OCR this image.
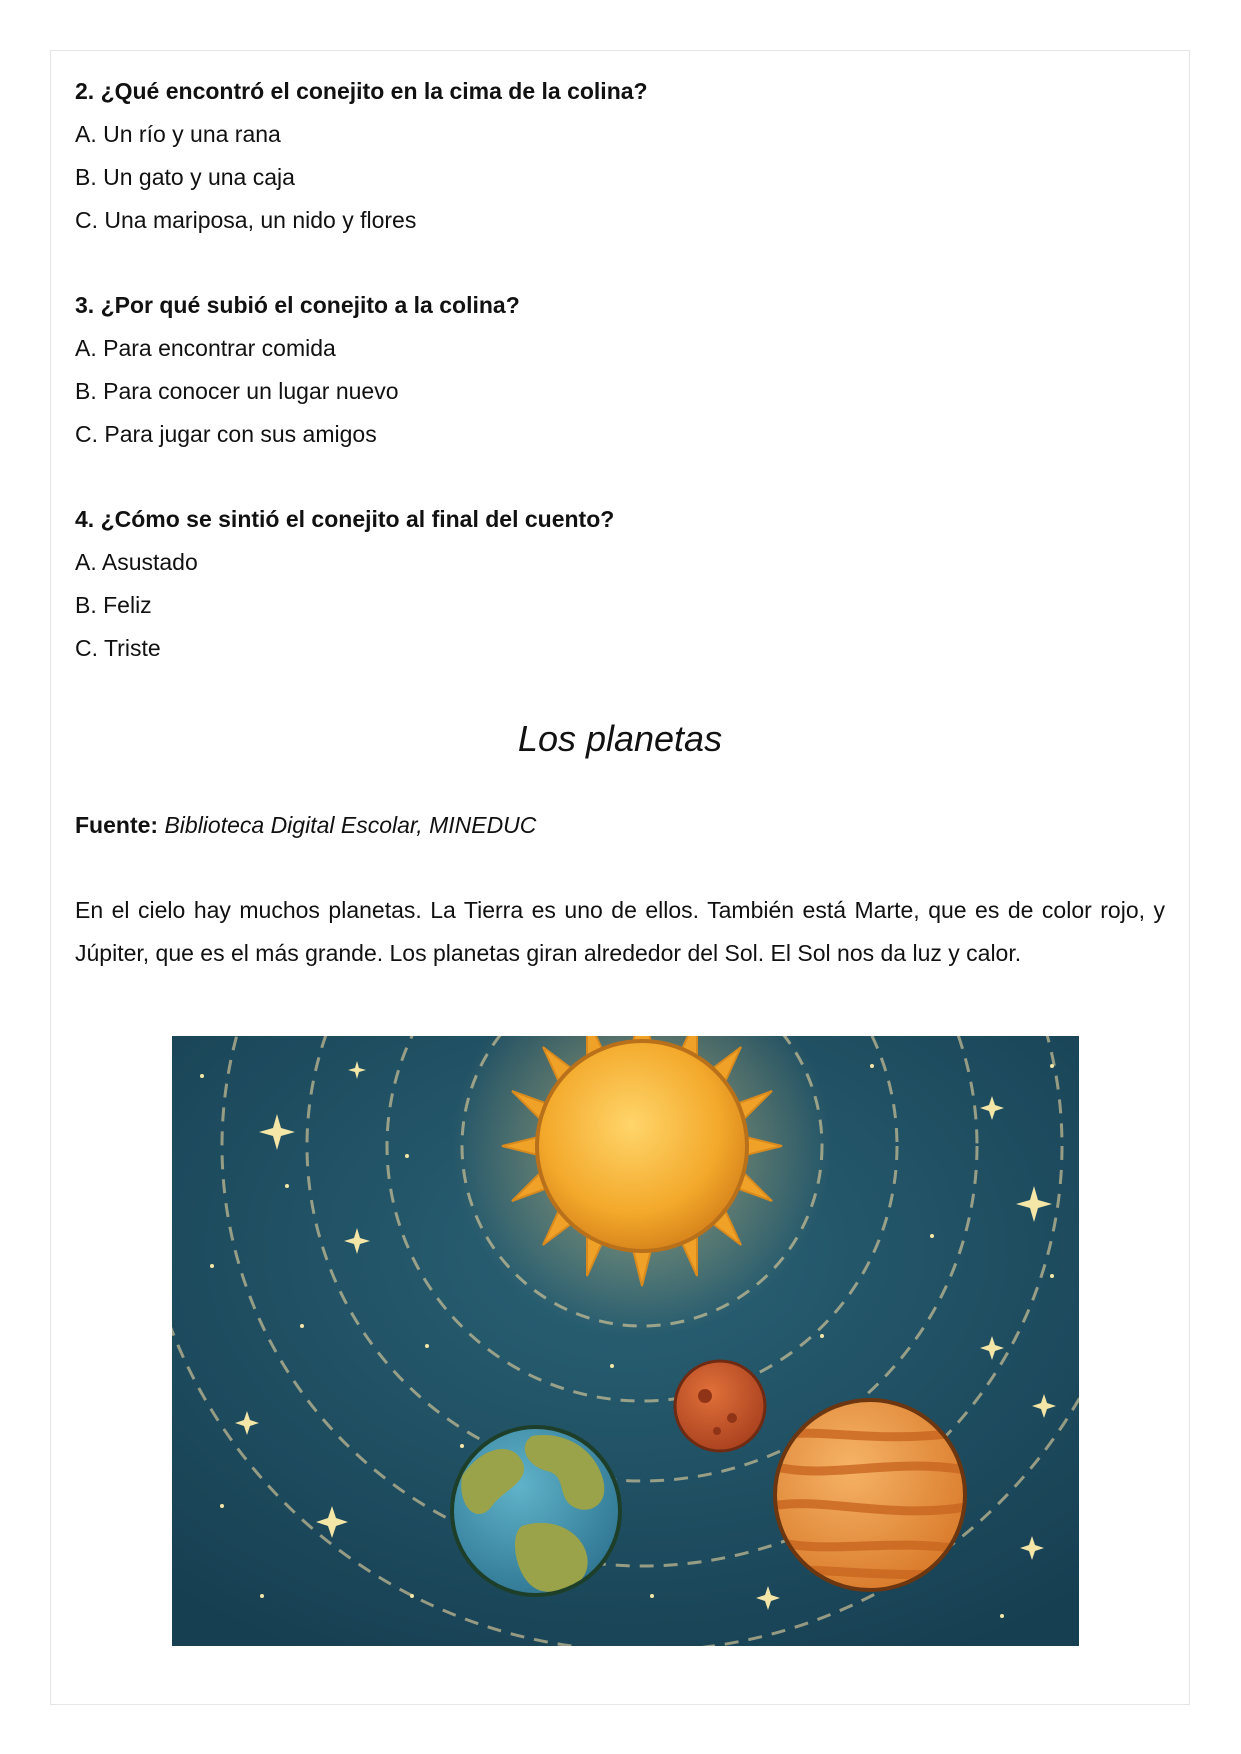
2. ¿Qué encontró el conejito en la cima de la colina?
A. Un río y una rana
B. Un gato y una caja
C. Una mariposa, un nido y flores
3. ¿Por qué subió el conejito a la colina?
A. Para encontrar comida
B. Para conocer un lugar nuevo
C. Para jugar con sus amigos
4. ¿Cómo se sintió el conejito al final del cuento?
A. Asustado
B. Feliz
C. Triste
Los planetas
Fuente: Biblioteca Digital Escolar, MINEDUC

En el cielo hay muchos planetas. La Tierra es uno de ellos. También está Marte, que es de color rojo, y Júpiter, que es el más grande. Los planetas giran alrededor del Sol. El Sol nos da luz y calor.
